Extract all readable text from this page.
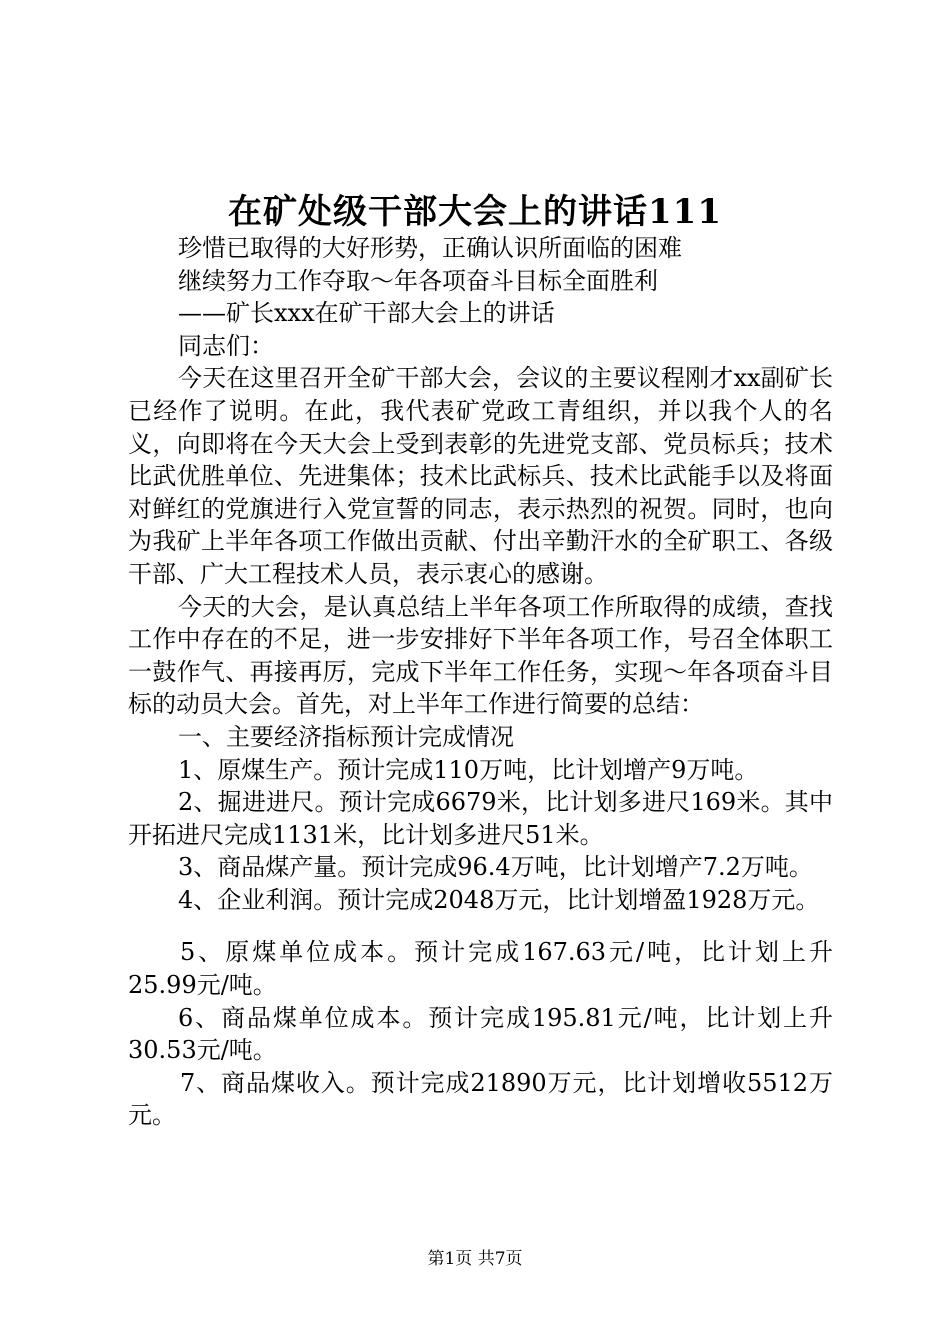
在矿处级干部大会上的讲话111

珍惜已取得的大好形势，正确认识所面临的困难

继续努力工作夺取～年各项奋斗目标全面胜利

——矿长xxx在矿干部大会上的讲话

同志们：

今天在这里召开全矿干部大会，会议的主要议程刚才xx副矿长已经作了说明。在此，我代表矿党政工青组织，并以我个人的名义，向即将在今天大会上受到表彰的先进党支部、党员标兵；技术比武优胜单位、先进集体；技术比武标兵、技术比武能手以及将面对鲜红的党旗进行入党宣誓的同志，表示热烈的祝贺。同时，也向为我矿上半年各项工作做出贡献、付出辛勤汗水的全矿职工、各级干部、广大工程技术人员，表示衷心的感谢。

今天的大会，是认真总结上半年各项工作所取得的成绩，查找工作中存在的不足，进一步安排好下半年各项工作，号召全体职工一鼓作气、再接再厉，完成下半年工作任务，实现～年各项奋斗目标的动员大会。首先，对上半年工作进行简要的总结：

一、主要经济指标预计完成情况

1、原煤生产。预计完成110万吨，比计划增产9万吨。

2、掘进进尺。预计完成6679米，比计划多进尺169米。其中开拓进尺完成1131米，比计划多进尺51米。

3、商品煤产量。预计完成96.4万吨，比计划增产7.2万吨。

4、企业利润。预计完成2048万元，比计划增盈1928万元。

5、原煤单位成本。预计完成167.63元/吨，比计划上升25.99元/吨。

6、商品煤单位成本。预计完成195.81元/吨，比计划上升30.53元/吨。

7、商品煤收入。预计完成21890万元，比计划增收5512万元。

第1页 共7页
